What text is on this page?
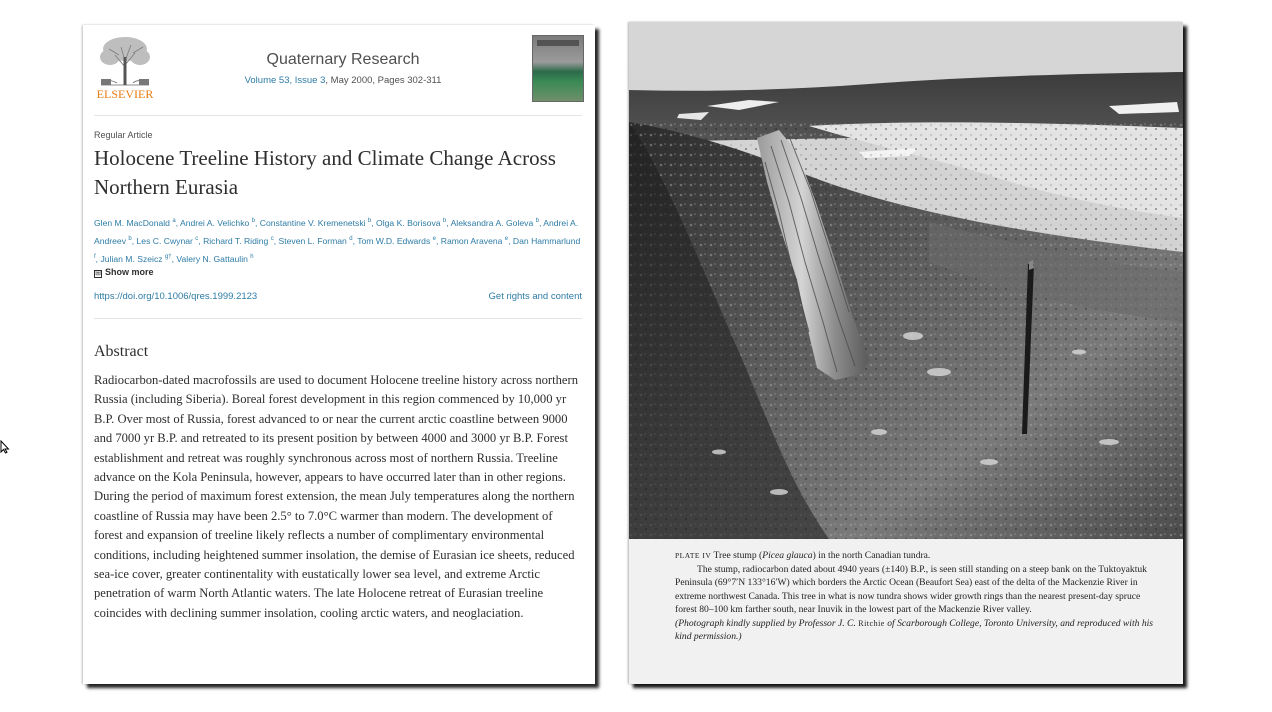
ELSEVIER
Quaternary Research
Volume 53, Issue 3, May 2000, Pages 302-311
Regular Article
Holocene Treeline History and Climate Change Across Northern Eurasia
Glen M. MacDonald $^a$, Andrei A. Velichko $^b$, Constantine V. Kremenetski $^b$, Olga K. Borisova $^b$, Aleksandra A. Goleva $^b$, Andrei A. Andreev $^b$, Les C. Cwynar $^c$, Richard T. Riding $^c$, Steven L. Forman $^d$, Tom W.D. Edwards $^e$, Ramon Aravena $^e$, Dan Hammarlund $^f$, Julian M. Szeicz $^{g\dagger}$, Valery N. Gattaulin $^h$
⊞ Show more
https://doi.org/10.1006/qres.1999.2123	Get rights and content
Abstract
Radiocarbon-dated macrofossils are used to document Holocene treeline history across northern Russia (including Siberia). Boreal forest development in this region commenced by 10,000 yr B.P. Over most of Russia, forest advanced to or near the current arctic coastline between 9000 and 7000 yr B.P. and retreated to its present position by between 4000 and 3000 yr B.P. Forest establishment and retreat was roughly synchronous across most of northern Russia. Treeline advance on the Kola Peninsula, however, appears to have occurred later than in other regions. During the period of maximum forest extension, the mean July temperatures along the northern coastline of Russia may have been 2.5° to 7.0°C warmer than modern. The development of forest and expansion of treeline likely reflects a number of complimentary environmental conditions, including heightened summer insolation, the demise of Eurasian ice sheets, reduced sea-ice cover, greater continentality with eustatically lower sea level, and extreme Arctic penetration of warm North Atlantic waters. The late Holocene retreat of Eurasian treeline coincides with declining summer insolation, cooling arctic waters, and neoglaciation.
PLATE IV Tree stump (Picea glauca) in the north Canadian tundra.
The stump, radiocarbon dated about 4940 years (±140) B.P., is seen still standing on a steep bank on the Tuktoyaktuk Peninsula (69°7′N 133°16′W) which borders the Arctic Ocean (Beaufort Sea) east of the delta of the Mackenzie River in extreme northwest Canada. This tree in what is now tundra shows wider growth rings than the nearest present-day spruce forest 80–100 km farther south, near Inuvik in the lowest part of the Mackenzie River valley.
(Photograph kindly supplied by Professor J. C. Ritchie of Scarborough College, Toronto University, and reproduced with his kind permission.)
